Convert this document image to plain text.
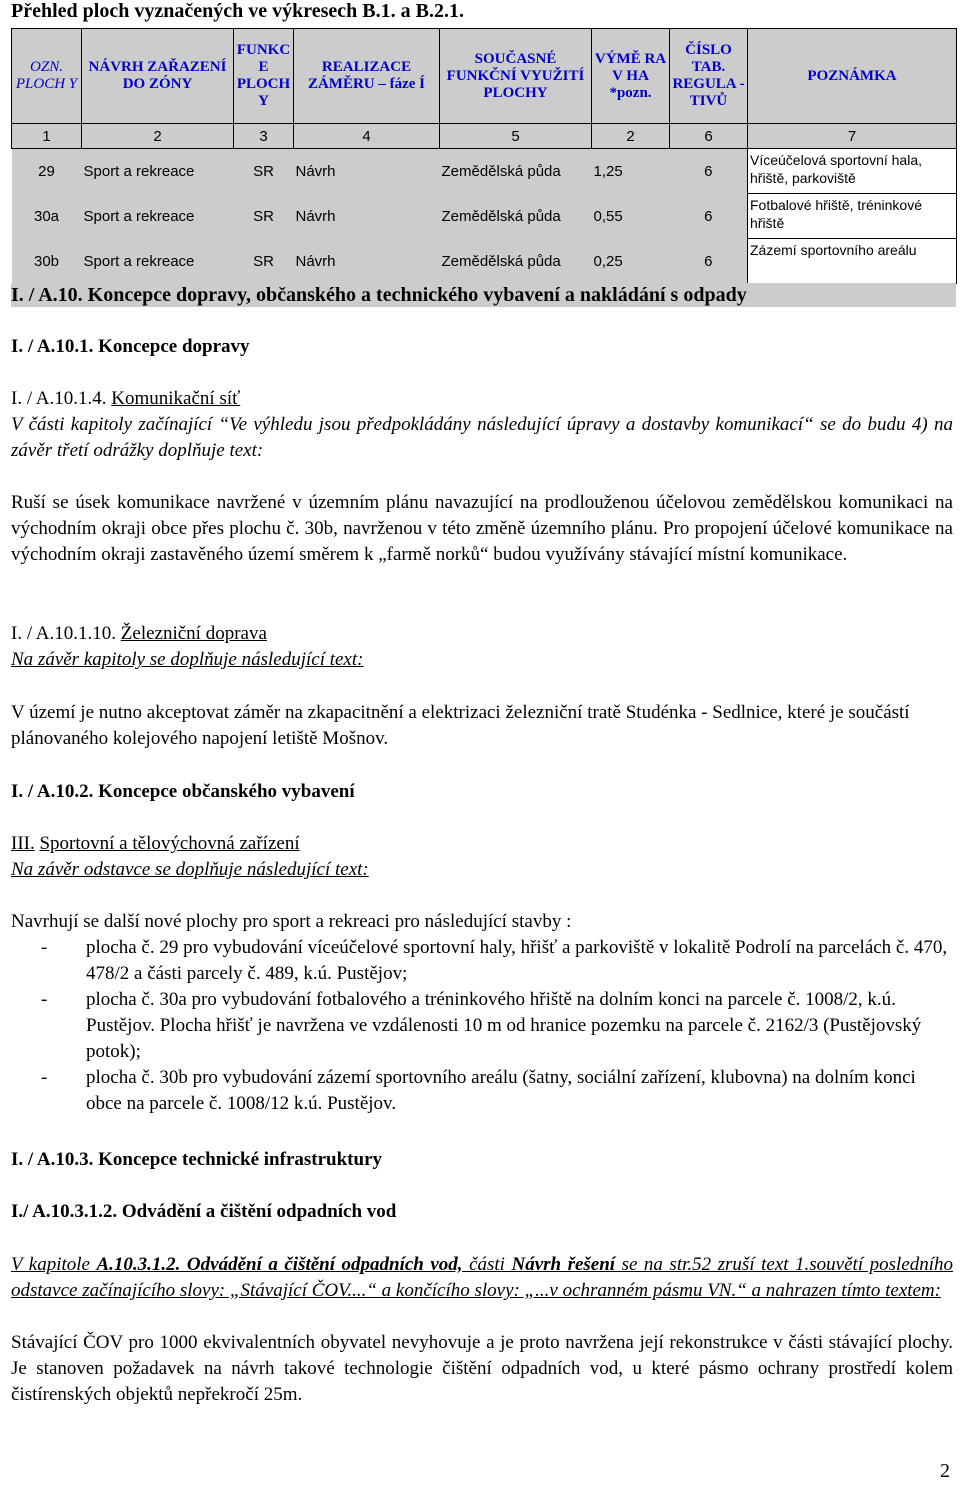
Přehled ploch vyznačených ve výkresech B.1. a B.2.1.
OZN. PLOCH Y	NÁVRH ZAŘAZENÍ DO ZÓNY	FUNKC E PLOCH Y	REALIZACE ZÁMĚRU – fáze Í	SOUČASNÉ FUNKČNÍ VYUŽITÍ PLOCHY	VÝMĚ RA V HA *pozn.	ČÍSLO TAB. REGULA -TIVŮ	POZNÁMKA
1	2	3	4	5	2	6	7
29	Sport a rekreace	SR	Návrh	Zemědělská půda	1,25	6	Víceúčelová sportovní hala, hřiště, parkoviště
30a	Sport a rekreace	SR	Návrh	Zemědělská půda	0,55	6	Fotbalové hřiště, tréninkové hřiště
30b	Sport a rekreace	SR	Návrh	Zemědělská půda	0,25	6	Zázemí sportovního areálu
I. / A.10. Koncepce dopravy, občanského a technického vybavení a nakládání s odpady
I. / A.10.1. Koncepce dopravy
I. / A.10.1.4. Komunikační síť
V části kapitoly začínající “Ve výhledu jsou předpokládány následující úpravy a dostavby komunikací“ se do budu 4) na závěr třetí odrážky doplňuje text:
Ruší se úsek komunikace navržené v územním plánu navazující na prodlouženou účelovou zemědělskou komunikaci na východním okraji obce přes plochu č. 30b, navrženou v této změně územního plánu. Pro propojení účelové komunikace na východním okraji zastavěného území směrem k „farmě norků“ budou využívány stávající místní komunikace.
I. / A.10.1.10. Železniční doprava
Na závěr kapitoly se doplňuje následující text:
V území je nutno akceptovat záměr na zkapacitnění a elektrizaci železniční tratě Studénka - Sedlnice, které je součástí plánovaného kolejového napojení letiště Mošnov.
I. / A.10.2. Koncepce občanského vybavení
III. Sportovní a tělovýchovná zařízení
Na závěr odstavce se doplňuje následující text:
Navrhují se další nové plochy pro sport a rekreaci pro následující stavby :
-	plocha č. 29 pro vybudování víceúčelové sportovní haly, hřišť a parkoviště v lokalitě Podrolí na parcelách č. 470, 478/2 a části parcely č. 489, k.ú. Pustějov;
-	plocha č. 30a pro vybudování fotbalového a tréninkového hřiště na dolním konci na parcele č. 1008/2, k.ú. Pustějov. Plocha hřišť je navržena ve vzdálenosti 10 m od hranice pozemku na parcele č. 2162/3 (Pustějovský potok);
-	plocha č. 30b pro vybudování zázemí sportovního areálu (šatny, sociální zařízení, klubovna) na dolním konci obce na parcele č. 1008/12 k.ú. Pustějov.
I. / A.10.3. Koncepce technické infrastruktury
I./ A.10.3.1.2. Odvádění a čištění odpadních vod
V kapitole A.10.3.1.2. Odvádění a čištění odpadních vod, části Návrh řešení se na str.52 zruší text 1.souvětí posledního odstavce začínajícího slovy: „Stávající ČOV....“ a končícího slovy: „...v ochranném pásmu VN.“ a nahrazen tímto textem:
Stávající ČOV pro 1000 ekvivalentních obyvatel nevyhovuje a je proto navržena její rekonstrukce v části stávající plochy. Je stanoven požadavek na návrh takové technologie čištění odpadních vod, u které pásmo ochrany prostředí kolem čistírenských objektů nepřekročí 25m.
2
